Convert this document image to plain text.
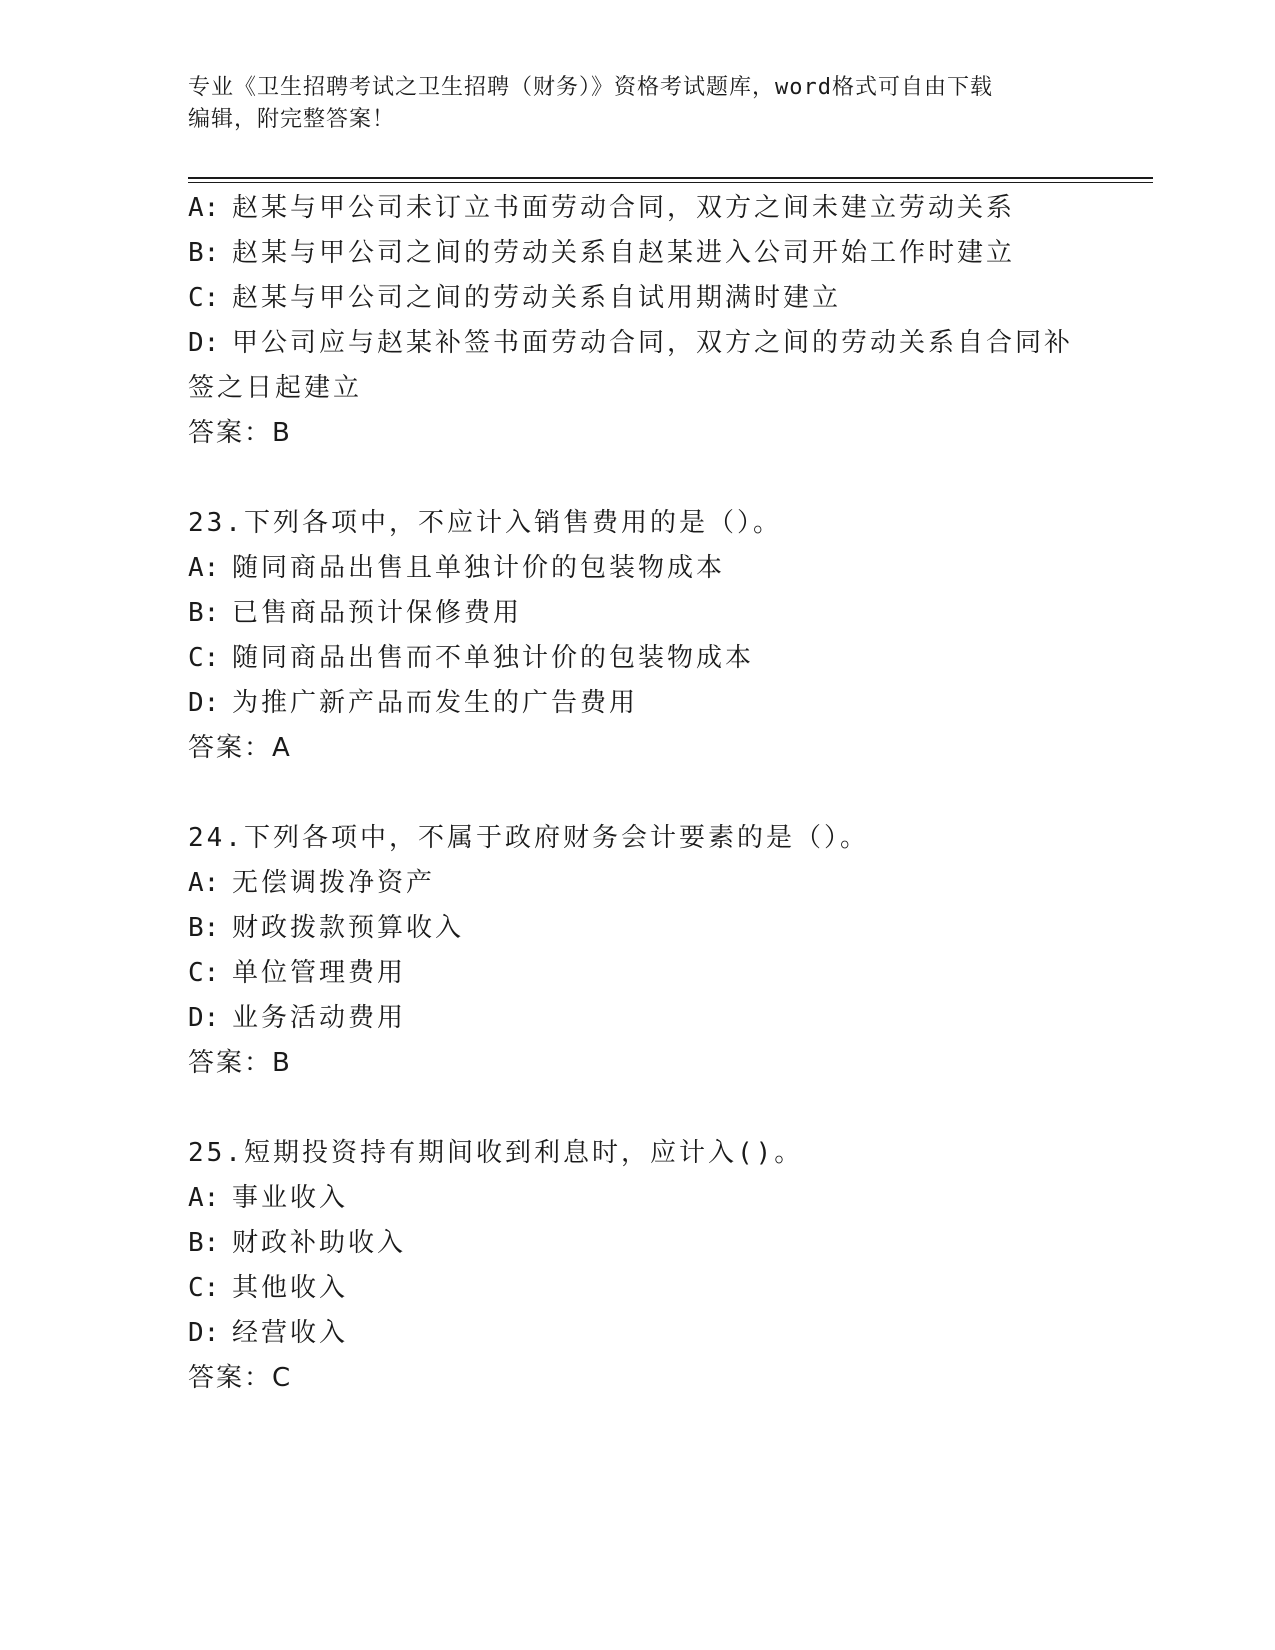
专业《卫生招聘考试之卫生招聘（财务）》资格考试题库，word格式可自由下载
编辑，附完整答案！
A: 赵某与甲公司未订立书面劳动合同，双方之间未建立劳动关系
B: 赵某与甲公司之间的劳动关系自赵某进入公司开始工作时建立
C: 赵某与甲公司之间的劳动关系自试用期满时建立
D: 甲公司应与赵某补签书面劳动合同，双方之间的劳动关系自合同补签之日起建立
答案：B
23.下列各项中，不应计入销售费用的是（）。
A: 随同商品出售且单独计价的包装物成本
B: 已售商品预计保修费用
C: 随同商品出售而不单独计价的包装物成本
D: 为推广新产品而发生的广告费用
答案：A
24.下列各项中，不属于政府财务会计要素的是（）。
A: 无偿调拨净资产
B: 财政拨款预算收入
C: 单位管理费用
D: 业务活动费用
答案：B
25.短期投资持有期间收到利息时，应计入()。
A: 事业收入
B: 财政补助收入
C: 其他收入
D: 经营收入
答案：C
